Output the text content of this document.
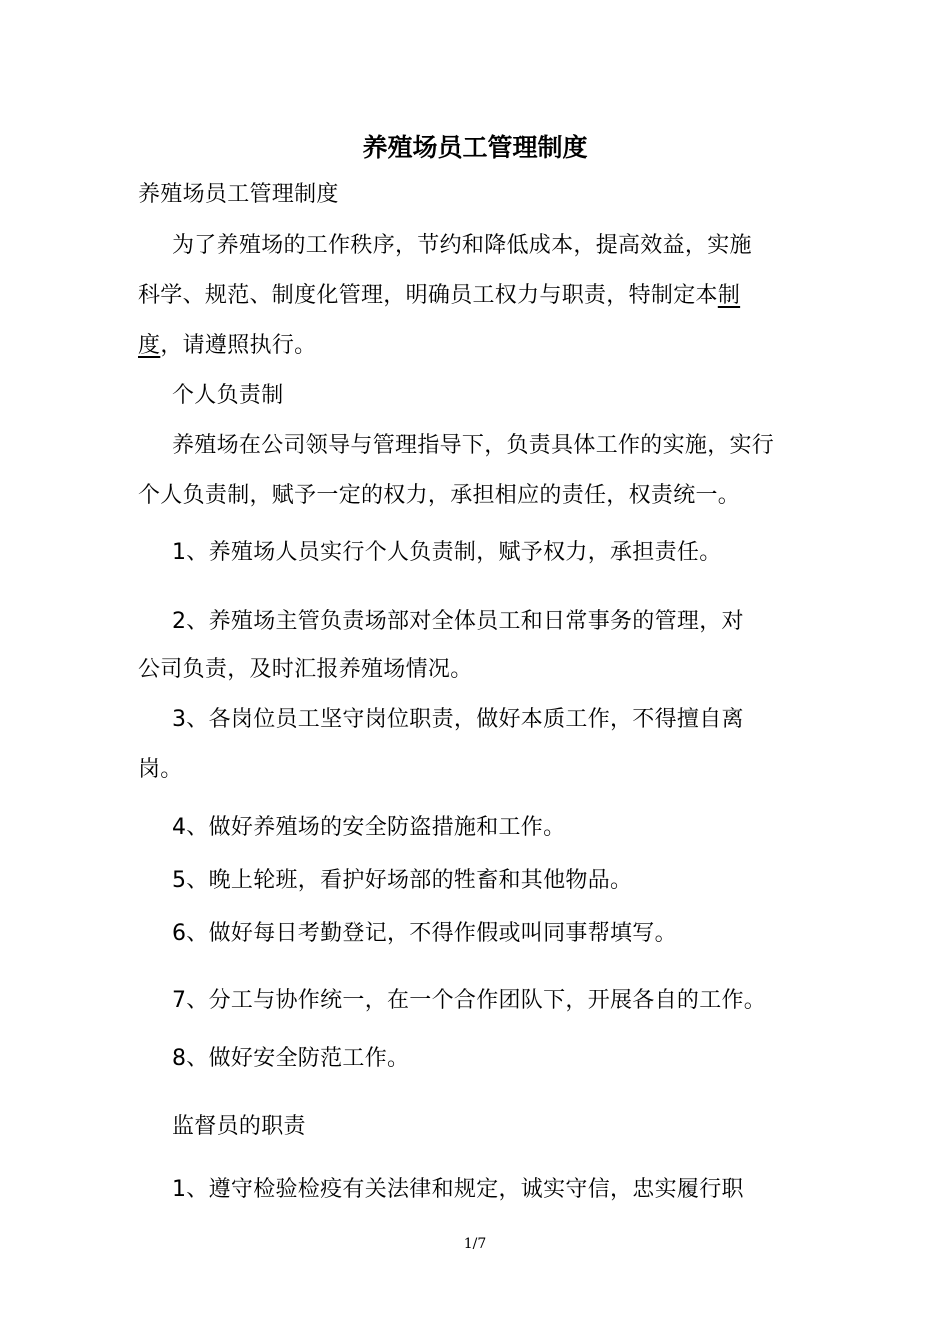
养殖场员工管理制度
养殖场员工管理制度
为了养殖场的工作秩序，节约和降低成本，提高效益，实施
科学、规范、制度化管理，明确员工权力与职责，特制定本制
度，请遵照执行。
个人负责制
养殖场在公司领导与管理指导下，负责具体工作的实施，实行
个人负责制，赋予一定的权力，承担相应的责任，权责统一。
1、养殖场人员实行个人负责制，赋予权力，承担责任。
2、养殖场主管负责场部对全体员工和日常事务的管理，对
公司负责，及时汇报养殖场情况。
3、各岗位员工坚守岗位职责，做好本质工作，不得擅自离
岗。
4、做好养殖场的安全防盗措施和工作。
5、晚上轮班，看护好场部的牲畜和其他物品。
6、做好每日考勤登记，不得作假或叫同事帮填写。
7、分工与协作统一，在一个合作团队下，开展各自的工作。
8、做好安全防范工作。
监督员的职责
1、遵守检验检疫有关法律和规定，诚实守信，忠实履行职
1/7
